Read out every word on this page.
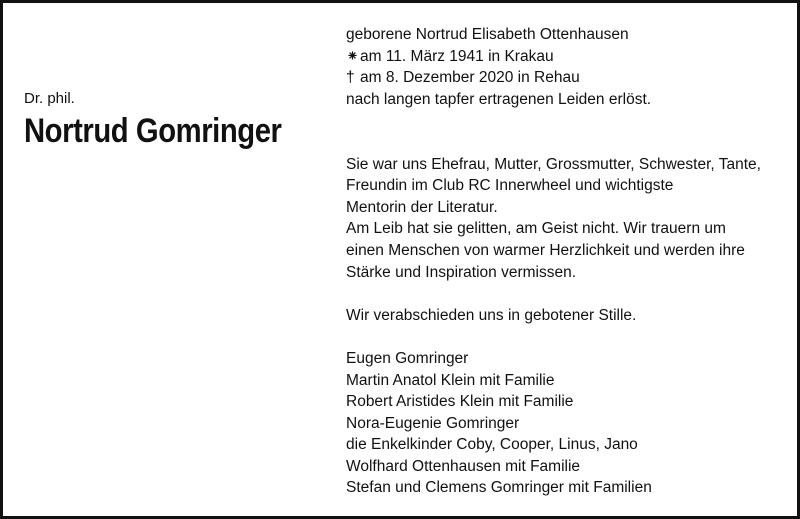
Dr. phil.
Nortrud Gomringer
geborene Nortrud Elisabeth Ottenhausen
⁕am 11. März 1941 in Krakau
† am 8. Dezember 2020 in Rehau
nach langen tapfer ertragenen Leiden erlöst.
Sie war uns Ehefrau, Mutter, Grossmutter, Schwester, Tante,
Freundin im Club RC Innerwheel und wichtigste
Mentorin der Literatur.
Am Leib hat sie gelitten, am Geist nicht. Wir trauern um
einen Menschen von warmer Herzlichkeit und werden ihre
Stärke und Inspiration vermissen.
Wir verabschieden uns in gebotener Stille.
Eugen Gomringer
Martin Anatol Klein mit Familie
Robert Aristides Klein mit Familie
Nora-Eugenie Gomringer
die Enkelkinder Coby, Cooper, Linus, Jano
Wolfhard Ottenhausen mit Familie
Stefan und Clemens Gomringer mit Familien
